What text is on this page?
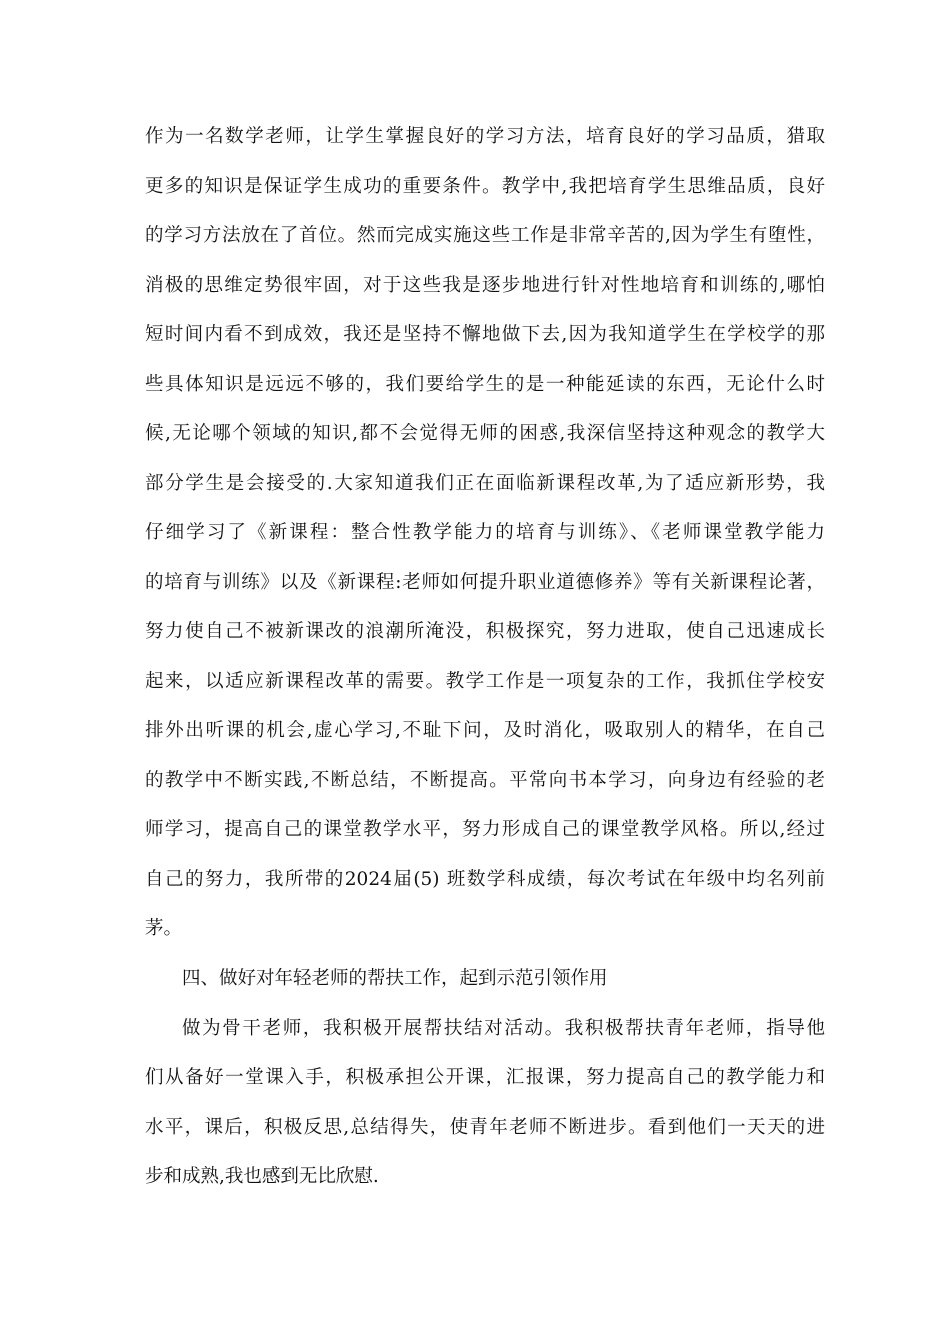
作为一名数学老师，让学生掌握良好的学习方法，培育良好的学习品质，猎取
更多的知识是保证学生成功的重要条件。教学中,我把培育学生思维品质，良好
的学习方法放在了首位。然而完成实施这些工作是非常辛苦的,因为学生有堕性，
消极的思维定势很牢固，对于这些我是逐步地进行针对性地培育和训练的,哪怕
短时间内看不到成效，我还是坚持不懈地做下去,因为我知道学生在学校学的那
些具体知识是远远不够的，我们要给学生的是一种能延读的东西，无论什么时
候,无论哪个领域的知识,都不会觉得无师的困惑,我深信坚持这种观念的教学大
部分学生是会接受的.大家知道我们正在面临新课程改革,为了适应新形势，我
仔细学习了《新课程：整合性教学能力的培育与训练》、《老师课堂教学能力
的培育与训练》以及《新课程:老师如何提升职业道德修养》等有关新课程论著，
努力使自己不被新课改的浪潮所淹没，积极探究，努力进取，使自己迅速成长
起来，以适应新课程改革的需要。教学工作是一项复杂的工作，我抓住学校安
排外出听课的机会,虚心学习,不耻下问，及时消化，吸取别人的精华，在自己
的教学中不断实践,不断总结，不断提高。平常向书本学习，向身边有经验的老
师学习，提高自己的课堂教学水平，努力形成自己的课堂教学风格。所以,经过
自己的努力，我所带的2024届(5) 班数学科成绩，每次考试在年级中均名列前
茅。
四、做好对年轻老师的帮扶工作，起到示范引领作用
做为骨干老师，我积极开展帮扶结对活动。我积极帮扶青年老师，指导他
们从备好一堂课入手，积极承担公开课，汇报课，努力提高自己的教学能力和
水平，课后，积极反思,总结得失，使青年老师不断进步。看到他们一天天的进
步和成熟,我也感到无比欣慰.
